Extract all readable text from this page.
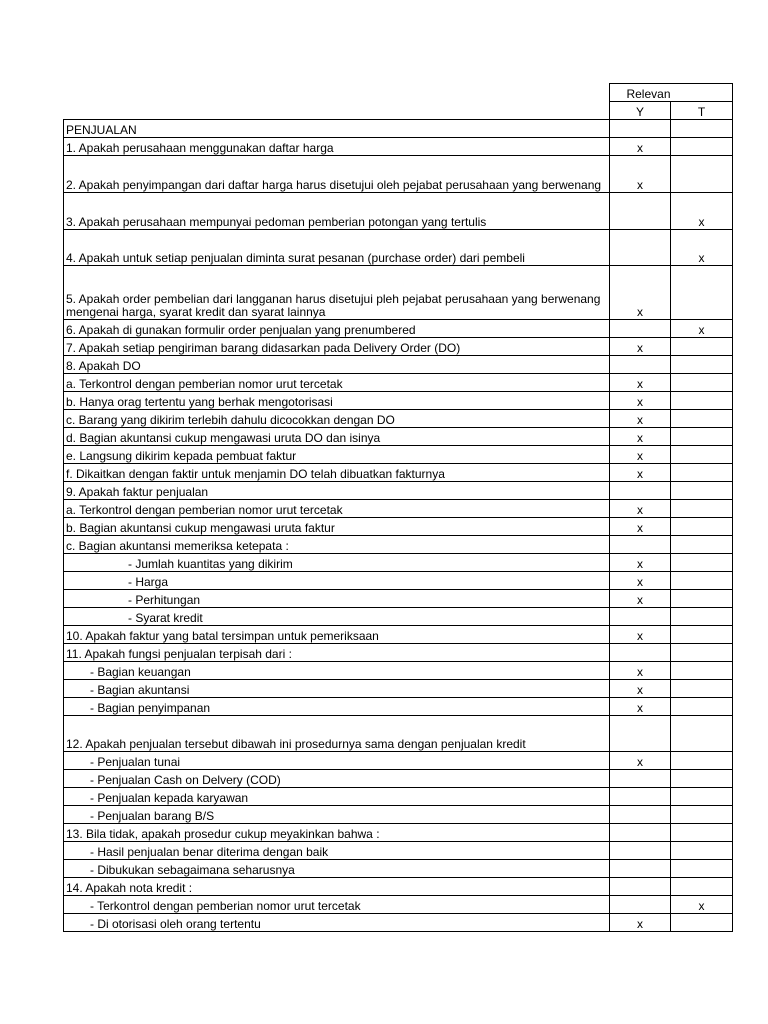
	Relevan	
	Y	T
PENJUALAN		
1. Apakah perusahaan menggunakan daftar harga	x	
2. Apakah penyimpangan dari daftar harga harus disetujui oleh pejabat perusahaan yang berwenang	x	
3. Apakah perusahaan mempunyai pedoman pemberian potongan yang tertulis		x
4. Apakah untuk setiap penjualan diminta surat pesanan (purchase order) dari pembeli		x
5. Apakah order pembelian dari langganan harus disetujui pleh pejabat perusahaan yang berwenang mengenai harga, syarat kredit dan syarat lainnya	x	
6. Apakah di gunakan formulir order penjualan yang prenumbered		x
7. Apakah setiap pengiriman barang didasarkan pada Delivery Order (DO)	x	
8. Apakah DO		
a. Terkontrol dengan pemberian nomor urut tercetak	x	
b. Hanya orag tertentu yang berhak mengotorisasi	x	
c. Barang yang dikirim terlebih dahulu dicocokkan dengan DO	x	
d. Bagian akuntansi cukup mengawasi uruta DO dan isinya	x	
e. Langsung dikirim kepada pembuat faktur	x	
f. Dikaitkan dengan faktir untuk menjamin DO telah dibuatkan fakturnya	x	
9. Apakah faktur penjualan		
a. Terkontrol dengan pemberian nomor urut tercetak	x	
b. Bagian akuntansi cukup mengawasi uruta faktur	x	
c. Bagian akuntansi memeriksa ketepata :		
- Jumlah kuantitas yang dikirim	x	
- Harga	x	
- Perhitungan	x	
- Syarat kredit		
10. Apakah faktur yang batal tersimpan untuk pemeriksaan	x	
11. Apakah fungsi penjualan terpisah dari :		
- Bagian keuangan	x	
- Bagian akuntansi	x	
- Bagian penyimpanan	x	
12. Apakah penjualan tersebut dibawah ini prosedurnya sama dengan penjualan kredit		
- Penjualan tunai	x	
- Penjualan Cash on Delvery (COD)		
- Penjualan kepada karyawan		
- Penjualan barang B/S		
13. Bila tidak, apakah prosedur cukup meyakinkan bahwa :		
- Hasil penjualan benar diterima dengan baik		
- Dibukukan sebagaimana seharusnya		
14. Apakah nota kredit :		
- Terkontrol dengan pemberian nomor urut tercetak		x
- Di otorisasi oleh orang tertentu	x	
